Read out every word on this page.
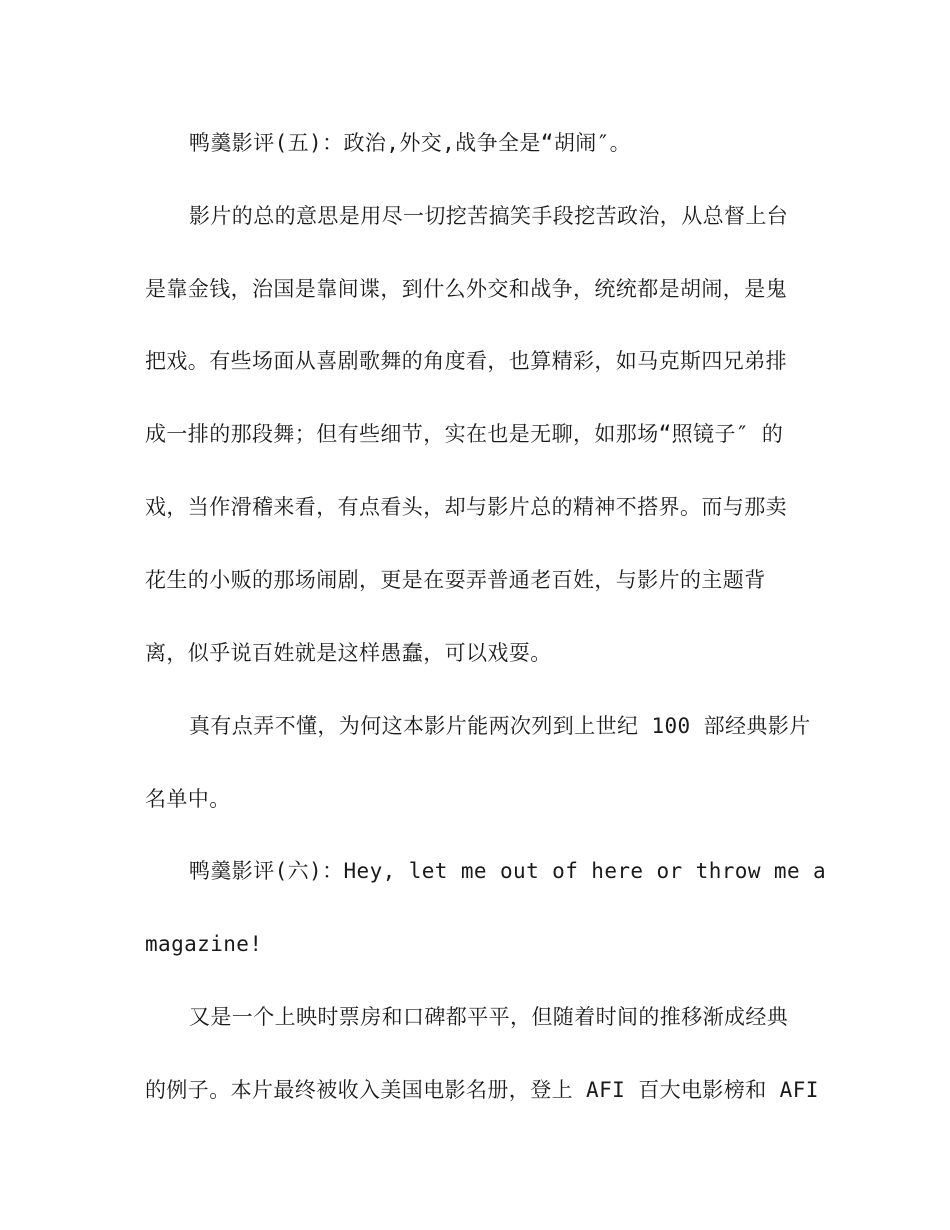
鸭羹影评(五)：政治,外交,战争全是“胡闹″。
影片的总的意思是用尽一切挖苦搞笑手段挖苦政治，从总督上台
是靠金钱，治国是靠间谍，到什么外交和战争，统统都是胡闹，是鬼
把戏。有些场面从喜剧歌舞的角度看，也算精彩，如马克斯四兄弟排
成一排的那段舞；但有些细节，实在也是无聊，如那场“照镜子″ 的
戏，当作滑稽来看，有点看头，却与影片总的精神不搭界。而与那卖
花生的小贩的那场闹剧，更是在耍弄普通老百姓，与影片的主题背
离，似乎说百姓就是这样愚蠢，可以戏耍。
真有点弄不懂，为何这本影片能两次列到上世纪 100 部经典影片
名单中。
鸭羹影评(六)：Hey, let me out of here or throw me a
magazine!
又是一个上映时票房和口碑都平平，但随着时间的推移渐成经典
的例子。本片最终被收入美国电影名册，登上 AFI 百大电影榜和 AFI
